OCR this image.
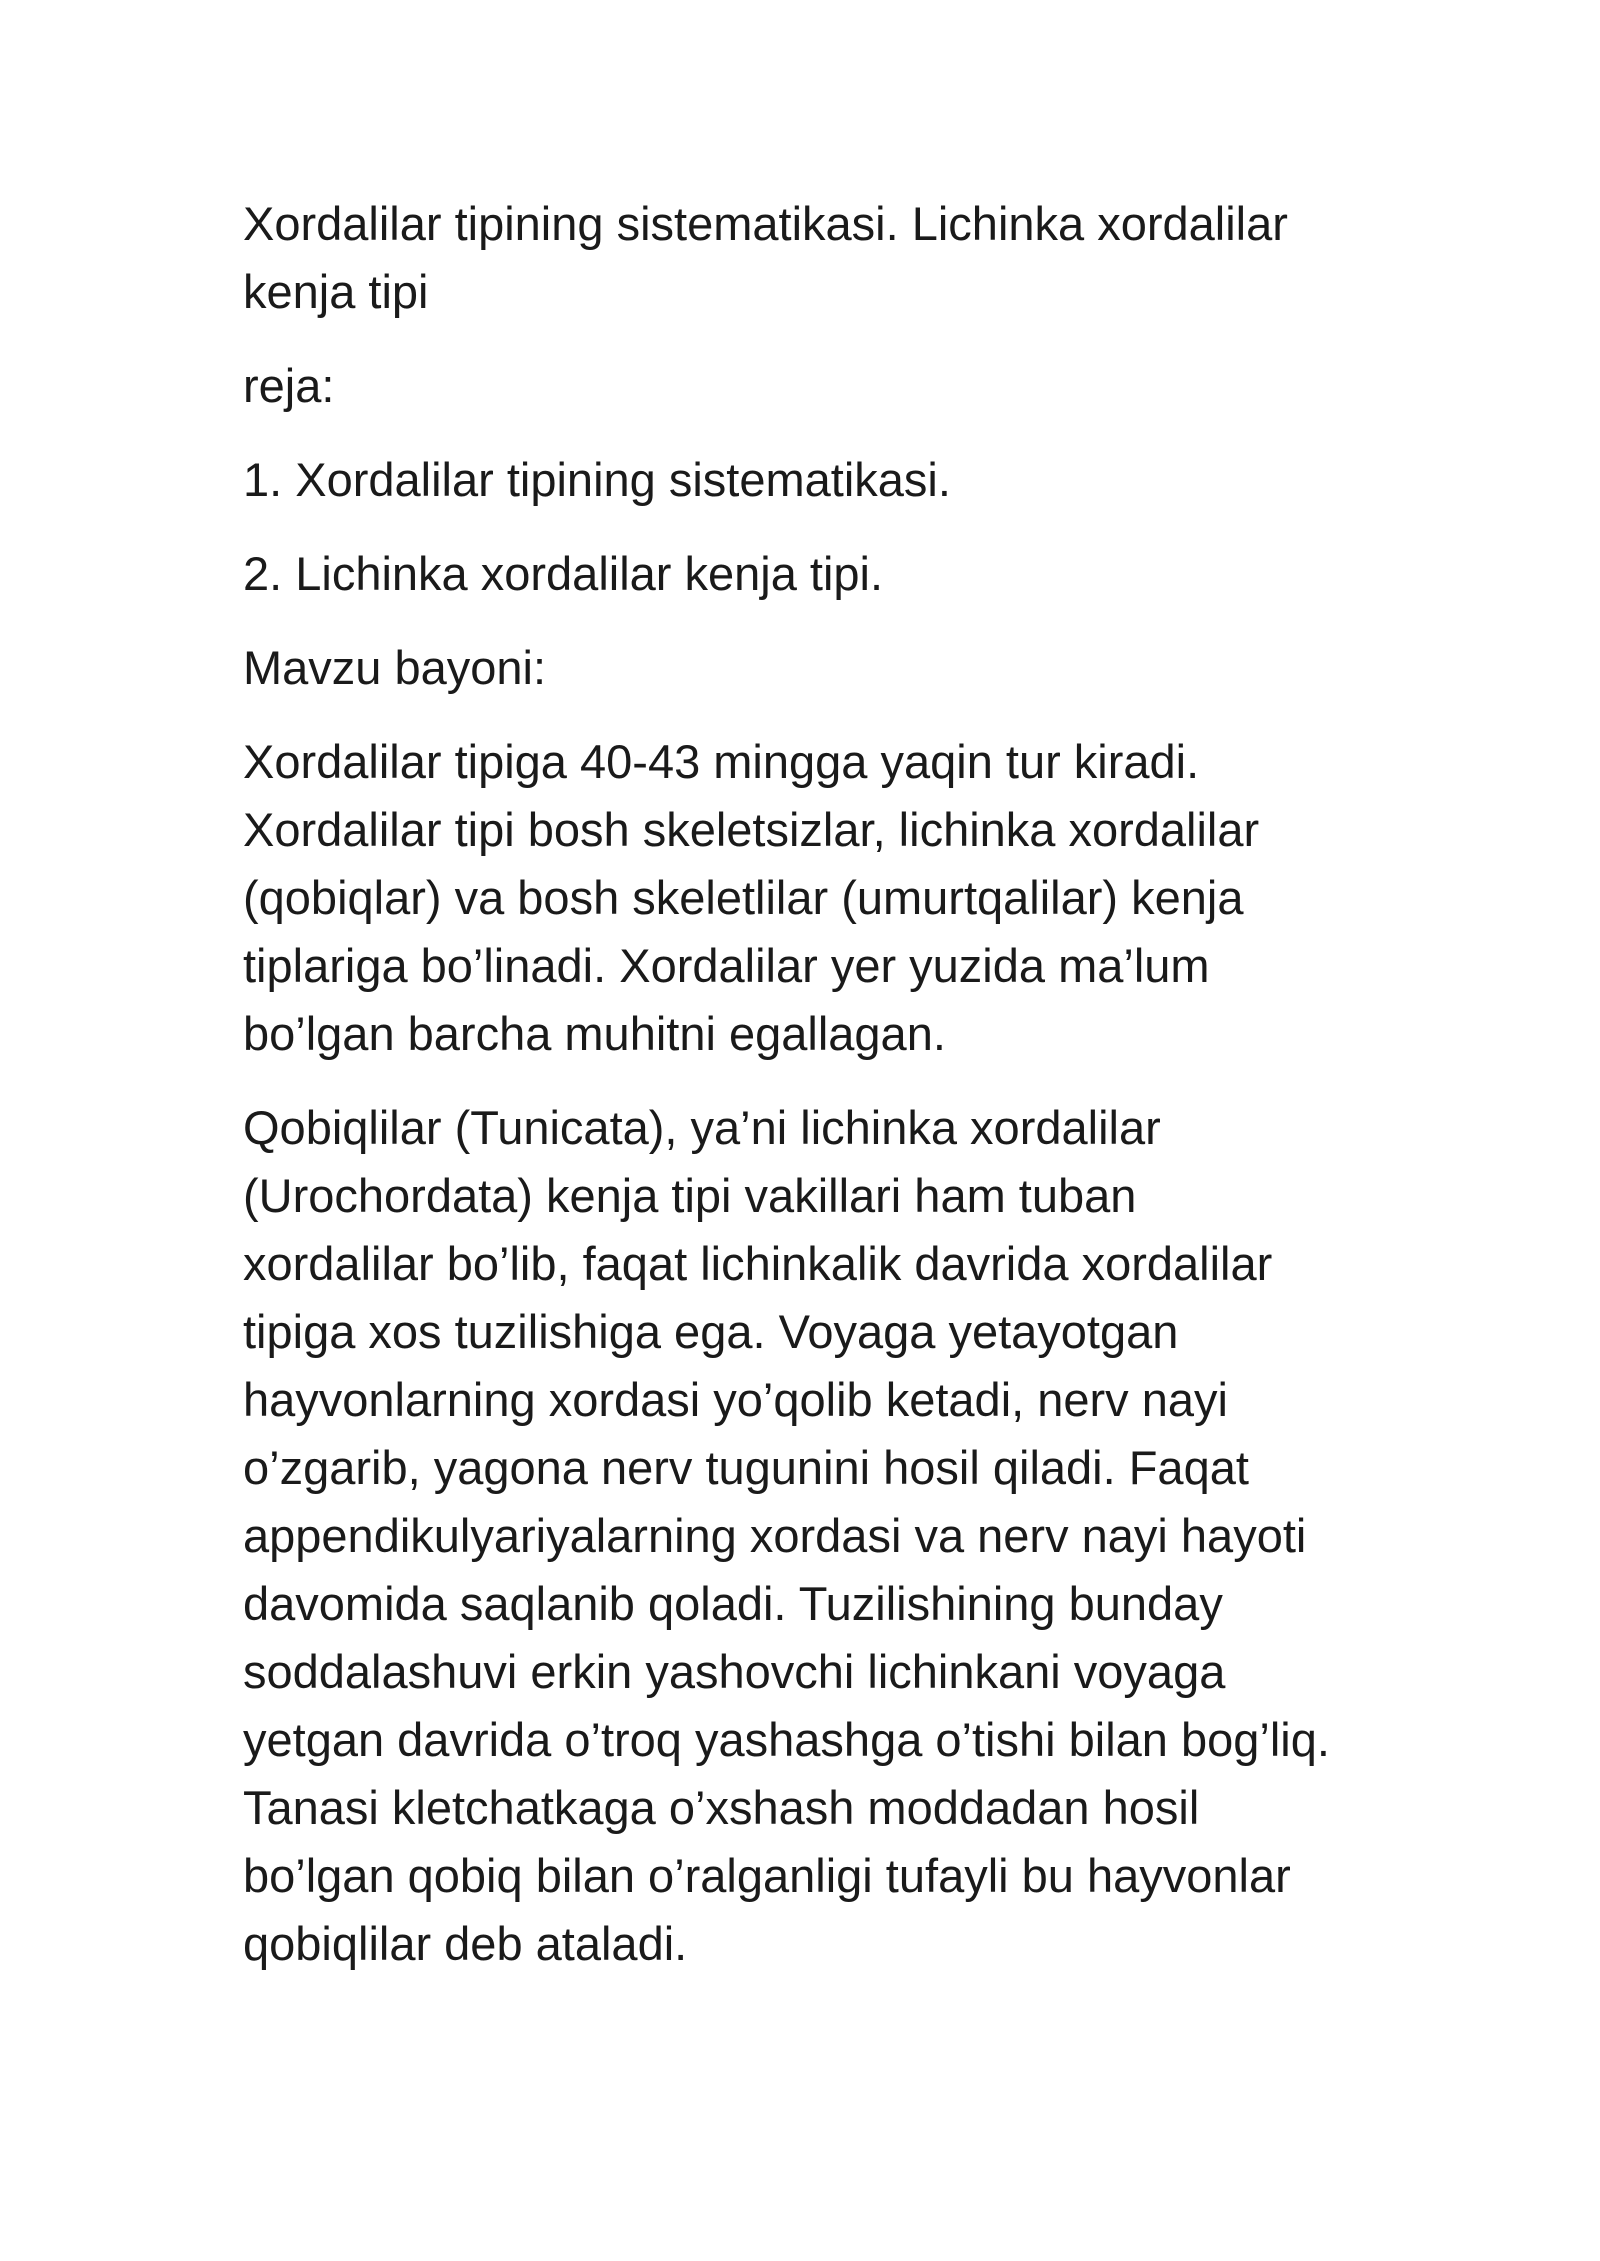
Xordalilar tipining sistematikasi. Lichinka xordalilar
kenja tipi

reja:

1. Xordalilar tipining sistematikasi.

2. Lichinka xordalilar kenja tipi.

Mavzu bayoni:

Xordalilar tipiga 40-43 mingga yaqin tur kiradi.
Xordalilar tipi bosh skeletsizlar, lichinka xordalilar
(qobiqlar) va bosh skeletlilar (umurtqalilar) kenja
tiplariga bo’linadi. Xordalilar yer yuzida ma’lum
bo’lgan barcha muhitni egallagan.

Qobiqlilar (Tunicata), ya’ni lichinka xordalilar
(Urochordata) kenja tipi vakillari ham tuban
xordalilar bo’lib, faqat lichinkalik davrida xordalilar
tipiga xos tuzilishiga ega. Voyaga yetayotgan
hayvonlarning xordasi yo’qolib ketadi, nerv nayi
o’zgarib, yagona nerv tugunini hosil qiladi. Faqat
appendikulyariyalarning xordasi va nerv nayi hayoti
davomida saqlanib qoladi. Tuzilishining bunday
soddalashuvi erkin yashovchi lichinkani voyaga
yetgan davrida o’troq yashashga o’tishi bilan bog’liq.
Tanasi kletchatkaga o’xshash moddadan hosil
bo’lgan qobiq bilan o’ralganligi tufayli bu hayvonlar
qobiqlilar deb ataladi.
